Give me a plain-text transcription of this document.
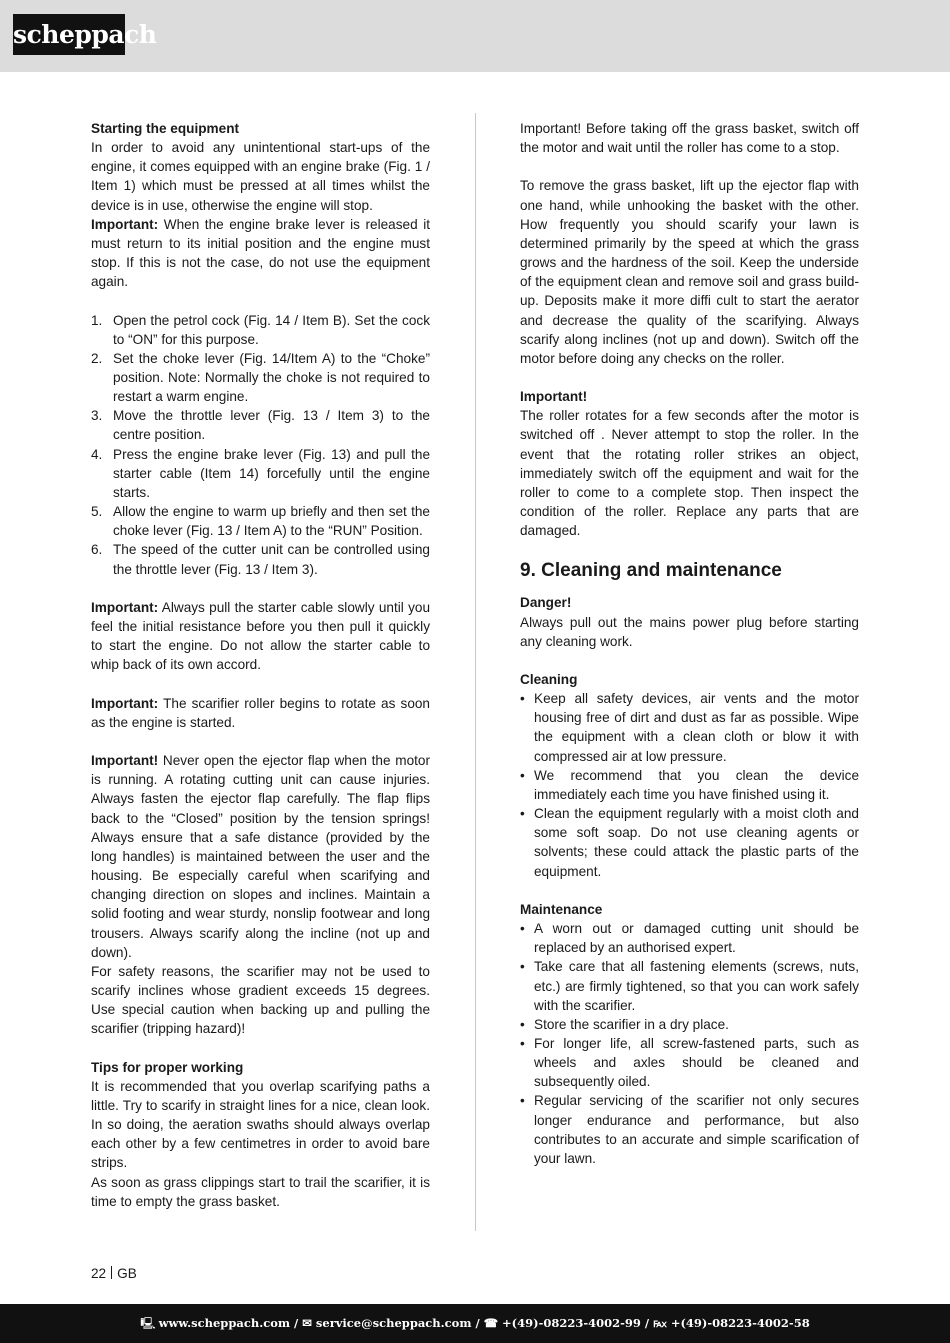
scheppach

Starting the equipment

In order to avoid any unintentional start-ups of the engine, it comes equipped with an engine brake (Fig. 1 / Item 1) which must be pressed at all times whilst the device is in use, otherwise the engine will stop.

Important: When the engine brake lever is released it must return to its initial position and the engine must stop. If this is not the case, do not use the equipment again.

1. Open the petrol cock (Fig. 14 / Item B). Set the cock to “ON” for this purpose.
2. Set the choke lever (Fig. 14/Item A) to the “Choke” position. Note: Normally the choke is not required to restart a warm engine.
3. Move the throttle lever (Fig. 13 / Item 3) to the centre position.
4. Press the engine brake lever (Fig. 13) and pull the starter cable (Item 14) forcefully until the engine starts.
5. Allow the engine to warm up briefly and then set the choke lever (Fig. 13 / Item A) to the “RUN” Position.
6. The speed of the cutter unit can be controlled using the throttle lever (Fig. 13 / Item 3).

Important: Always pull the starter cable slowly until you feel the initial resistance before you then pull it quickly to start the engine. Do not allow the starter cable to whip back of its own accord.

Important: The scarifier roller begins to rotate as soon as the engine is started.

Important! Never open the ejector flap when the motor is running. A rotating cutting unit can cause injuries. Always fasten the ejector flap carefully. The flap flips back to the “Closed” position by the tension springs! Always ensure that a safe distance (provided by the long handles) is maintained between the user and the housing. Be especially careful when scarifying and changing direction on slopes and inclines. Maintain a solid footing and wear sturdy, nonslip footwear and long trousers. Always scarify along the incline (not up and down).

For safety reasons, the scarifier may not be used to scarify inclines whose gradient exceeds 15 degrees. Use special caution when backing up and pulling the scarifier (tripping hazard)!

Tips for proper working

It is recommended that you overlap scarifying paths a little. Try to scarify in straight lines for a nice, clean look. In so doing, the aeration swaths should always overlap each other by a few centimetres in order to avoid bare strips.

As soon as grass clippings start to trail the scarifier, it is time to empty the grass basket.

Important! Before taking off the grass basket, switch off the motor and wait until the roller has come to a stop.

To remove the grass basket, lift up the ejector flap with one hand, while unhooking the basket with the other. How frequently you should scarify your lawn is determined primarily by the speed at which the grass grows and the hardness of the soil. Keep the underside of the equipment clean and remove soil and grass build-up. Deposits make it more diffi cult to start the aerator and decrease the quality of the scarifying. Always scarify along inclines (not up and down). Switch off the motor before doing any checks on the roller.

Important!

The roller rotates for a few seconds after the motor is switched off . Never attempt to stop the roller. In the event that the rotating roller strikes an object, immediately switch off the equipment and wait for the roller to come to a complete stop. Then inspect the condition of the roller. Replace any parts that are damaged.

9. Cleaning and maintenance

Danger!

Always pull out the mains power plug before starting any cleaning work.

Cleaning

• Keep all safety devices, air vents and the motor housing free of dirt and dust as far as possible. Wipe the equipment with a clean cloth or blow it with compressed air at low pressure.
• We recommend that you clean the device immediately each time you have finished using it.
• Clean the equipment regularly with a moist cloth and some soft soap. Do not use cleaning agents or solvents; these could attack the plastic parts of the equipment.

Maintenance

• A worn out or damaged cutting unit should be replaced by an authorised expert.
• Take care that all fastening elements (screws, nuts, etc.) are firmly tightened, so that you can work safely with the scarifier.
• Store the scarifier in a dry place.
• For longer life, all screw-fastened parts, such as wheels and axles should be cleaned and subsequently oiled.
• Regular servicing of the scarifier not only secures longer endurance and performance, but also contributes to an accurate and simple scarification of your lawn.
22 GB
🖳 www.scheppach.com / ✉ service@scheppach.com / ☎ +(49)-08223-4002-99 / ℻ +(49)-08223-4002-58
